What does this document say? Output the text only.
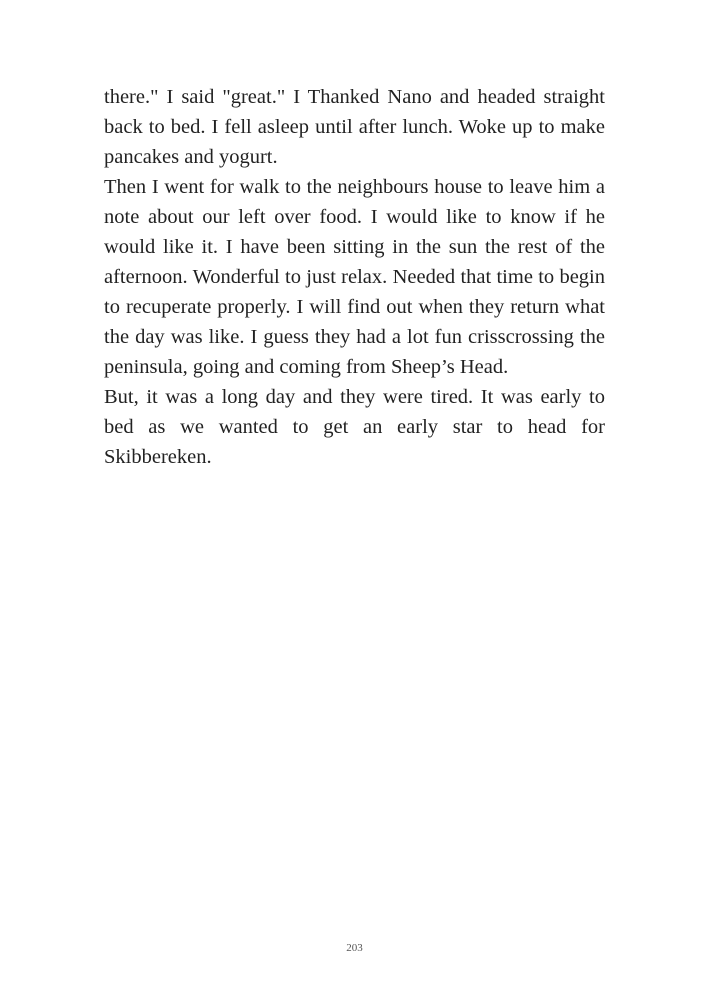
there." I said "great." I Thanked Nano and headed straight back to bed. I fell asleep until after lunch. Woke up to make pancakes and yogurt.

Then I went for walk to the neighbours house to leave him a note about our left over food. I would like to know if he would like it. I have been sitting in the sun the rest of the afternoon. Wonderful to just relax. Needed that time to begin to recuperate properly. I will find out when they return what the day was like. I guess they had a lot fun crisscrossing the peninsula, going and coming from Sheep’s Head.

But, it was a long day and they were tired. It was early to bed as we wanted to get an early star to head for Skibbereken.

203
